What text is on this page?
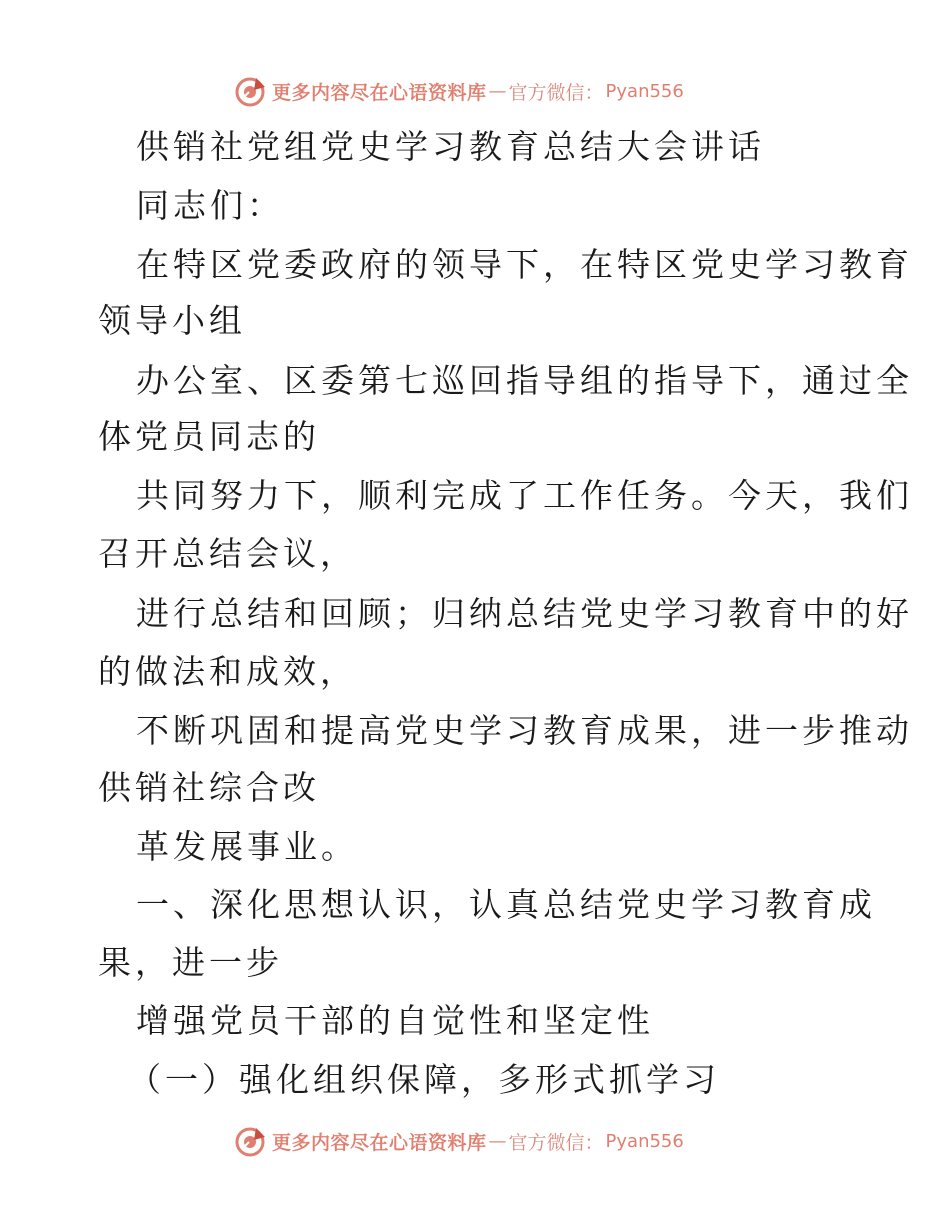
更多内容尽在心语资料库 — 官方微信： Pyan556
供销社党组党史学习教育总结大会讲话
同志们：
在特区党委政府的领导下，在特区党史学习教育
领导小组
办公室、区委第七巡回指导组的指导下，通过全
体党员同志的
共同努力下，顺利完成了工作任务。今天，我们
召开总结会议，
进行总结和回顾；归纳总结党史学习教育中的好
的做法和成效，
不断巩固和提高党史学习教育成果，进一步推动
供销社综合改
革发展事业。
一、深化思想认识，认真总结党史学习教育成
果，进一步
增强党员干部的自觉性和坚定性
（一）强化组织保障，多形式抓学习
更多内容尽在心语资料库 — 官方微信： Pyan556
